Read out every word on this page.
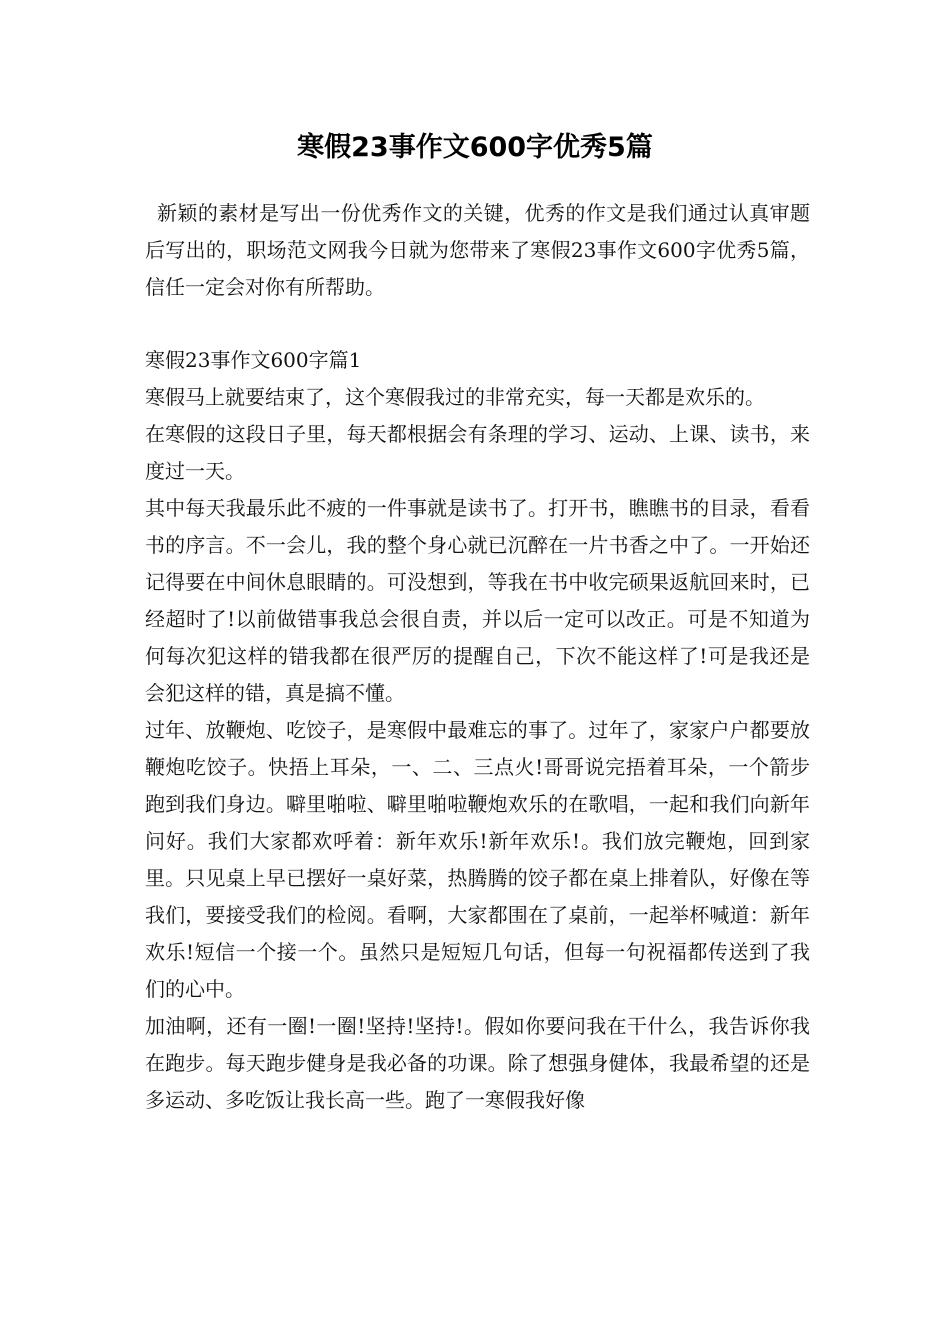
寒假23事作文600字优秀5篇

新颖的素材是写出一份优秀作文的关键，优秀的作文是我们通过认真审题后写出的，职场范文网我今日就为您带来了寒假23事作文600字优秀5篇，信任一定会对你有所帮助。

寒假23事作文600字篇1

寒假马上就要结束了，这个寒假我过的非常充实，每一天都是欢乐的。

在寒假的这段日子里，每天都根据会有条理的学习、运动、上课、读书，来度过一天。

其中每天我最乐此不疲的一件事就是读书了。打开书，瞧瞧书的目录，看看书的序言。不一会儿，我的整个身心就已沉醉在一片书香之中了。一开始还记得要在中间休息眼睛的。可没想到，等我在书中收完硕果返航回来时，已经超时了!以前做错事我总会很自责，并以后一定可以改正。可是不知道为何每次犯这样的错我都在很严厉的提醒自己，下次不能这样了!可是我还是会犯这样的错，真是搞不懂。

过年、放鞭炮、吃饺子，是寒假中最难忘的事了。过年了，家家户户都要放鞭炮吃饺子。快捂上耳朵，一、二、三点火!哥哥说完捂着耳朵，一个箭步跑到我们身边。噼里啪啦、噼里啪啦鞭炮欢乐的在歌唱，一起和我们向新年问好。我们大家都欢呼着：新年欢乐!新年欢乐!。我们放完鞭炮，回到家里。只见桌上早已摆好一桌好菜，热腾腾的饺子都在桌上排着队，好像在等我们，要接受我们的检阅。看啊，大家都围在了桌前，一起举杯喊道：新年欢乐!短信一个接一个。虽然只是短短几句话，但每一句祝福都传送到了我们的心中。

加油啊，还有一圈!一圈!坚持!坚持!。假如你要问我在干什么，我告诉你我在跑步。每天跑步健身是我必备的功课。除了想强身健体，我最希望的还是多运动、多吃饭让我长高一些。跑了一寒假我好像
